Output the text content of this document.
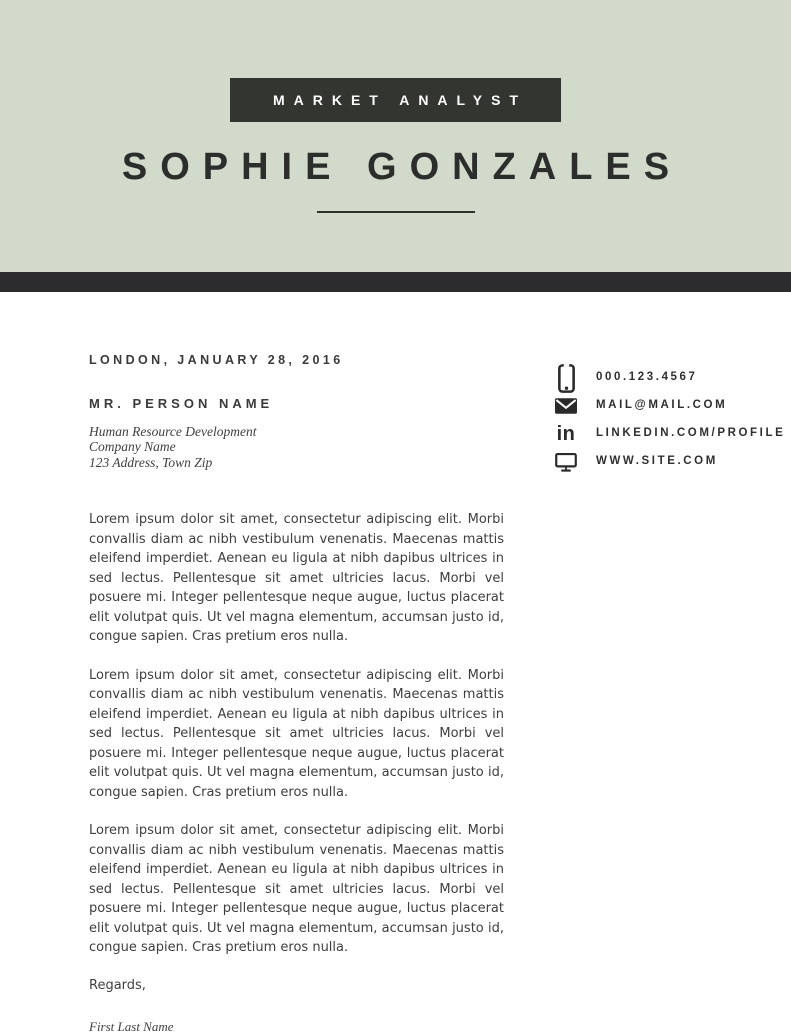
MARKET ANALYST
SOPHIE GONZALES
LONDON, JANUARY 28, 2016
MR. PERSON NAME
Human Resource Development
Company Name
123 Address, Town Zip

Lorem ipsum dolor sit amet, consectetur adipiscing elit. Morbi convallis diam ac nibh vestibulum venenatis. Maecenas mattis eleifend imperdiet. Aenean eu ligula at nibh dapibus ultrices in sed lectus. Pellentesque sit amet ultricies lacus. Morbi vel posuere mi. Integer pellentesque neque augue, luctus placerat elit volutpat quis. Ut vel magna elementum, accumsan justo id, congue sapien. Cras pretium eros nulla.

Lorem ipsum dolor sit amet, consectetur adipiscing elit. Morbi convallis diam ac nibh vestibulum venenatis. Maecenas mattis eleifend imperdiet. Aenean eu ligula at nibh dapibus ultrices in sed lectus. Pellentesque sit amet ultricies lacus. Morbi vel posuere mi. Integer pellentesque neque augue, luctus placerat elit volutpat quis. Ut vel magna elementum, accumsan justo id, congue sapien. Cras pretium eros nulla.

Lorem ipsum dolor sit amet, consectetur adipiscing elit. Morbi convallis diam ac nibh vestibulum venenatis. Maecenas mattis eleifend imperdiet. Aenean eu ligula at nibh dapibus ultrices in sed lectus. Pellentesque sit amet ultricies lacus. Morbi vel posuere mi. Integer pellentesque neque augue, luctus placerat elit volutpat quis. Ut vel magna elementum, accumsan justo id, congue sapien. Cras pretium eros nulla.

Regards,
First Last Name
000.123.4567
MAIL@MAIL.COM
in LINKEDIN.COM/PROFILE
WWW.SITE.COM
